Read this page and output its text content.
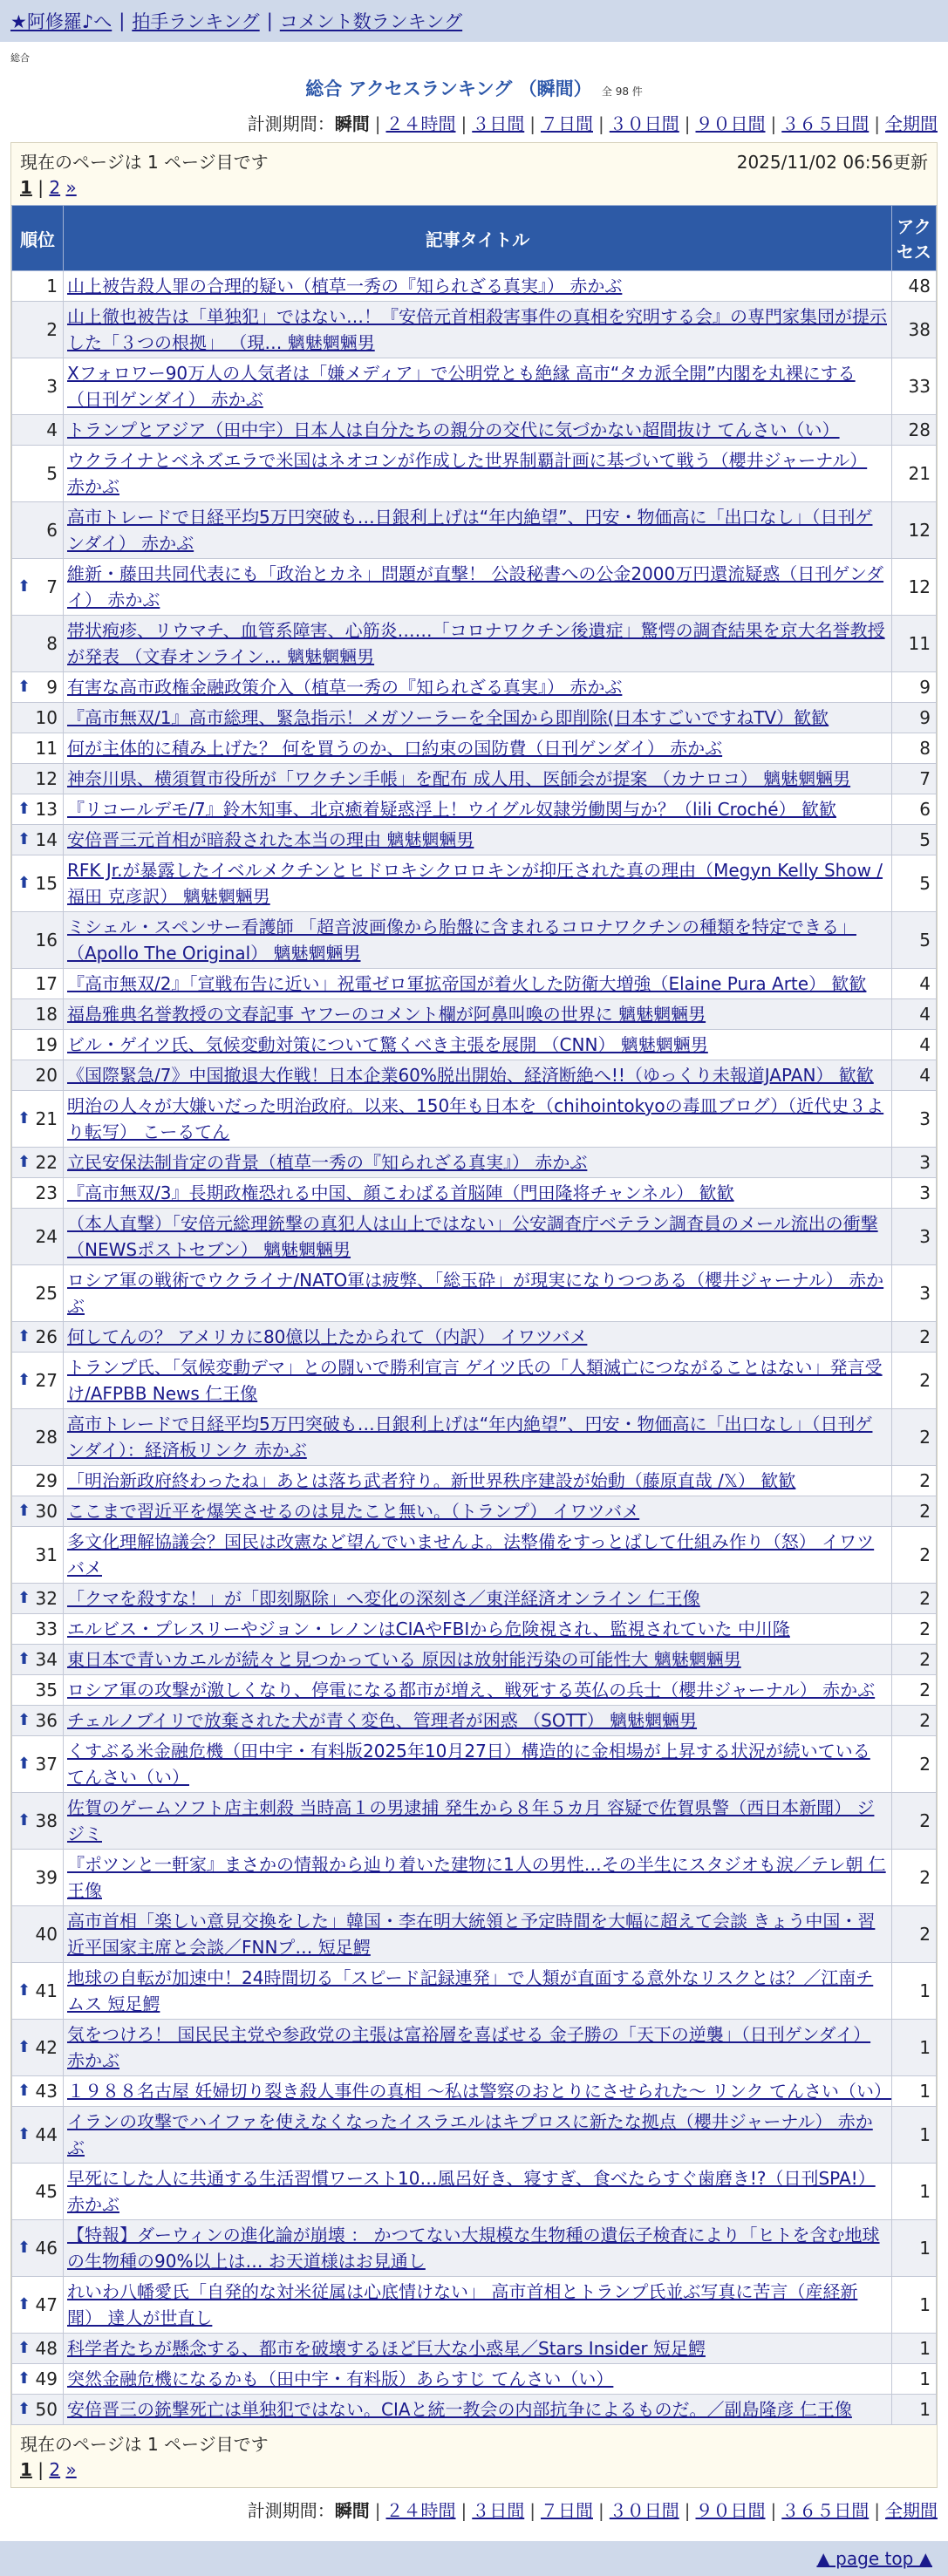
★阿修羅♪へ | 拍手ランキング | コメント数ランキング
総合
総合 アクセスランキング （瞬間） 全 98 件
計測期間：瞬間 | ２４時間 | ３日間 | ７日間 | ３０日間 | ９０日間 | ３６５日間 | 全期間
現在のページは 1 ページ目です	2025/11/02 06:56更新
1 | 2 »
順位	記事タイトル	アクセス
1	山上被告殺人罪の合理的疑い（植草一秀の『知られざる真実』） 赤かぶ	48
2	山上徹也被告は「単独犯」ではない…！『安倍元首相殺害事件の真相を究明する会』の専門家集団が提示した「３つの根拠」 （現… 魑魅魍魎男	38
3	Xフォロワー90万人の人気者は「嫌メディア」で公明党とも絶縁 高市“タカ派全開”内閣を丸裸にする（日刊ゲンダイ） 赤かぶ	33
4	トランプとアジア（田中宇）日本人は自分たちの親分の交代に気づかない超間抜け てんさい（い）	28
5	ウクライナとベネズエラで米国はネオコンが作成した世界制覇計画に基づいて戦う（櫻井ジャーナル） 赤かぶ	21
6	高市トレードで日経平均5万円突破も…日銀利上げは“年内絶望”、円安・物価高に「出口なし」（日刊ゲンダイ） 赤かぶ	12

⬆ 7	維新・藤田共同代表にも「政治とカネ」問題が直撃！ 公設秘書への公金2000万円還流疑惑（日刊ゲンダイ） 赤かぶ	12
8	帯状疱疹、リウマチ、血管系障害、心筋炎……「コロナワクチン後遺症」驚愕の調査結果を京大名誉教授が発表 （文春オンライン… 魑魅魍魎男	11

⬆ 9	有害な高市政権金融政策介入（植草一秀の『知られざる真実』） 赤かぶ	9
10	『高市無双/1』高市総理、緊急指示！メガソーラーを全国から即削除(日本すごいですねTV）歓歓	9
11	何が主体的に積み上げた？ 何を買うのか、口約束の国防費（日刊ゲンダイ） 赤かぶ	8
12	神奈川県、横須賀市役所が「ワクチン手帳」を配布 成人用、医師会が提案 （カナロコ） 魑魅魍魎男	7

⬆ 13	『リコールデモ/7』鈴木知事、北京癒着疑惑浮上！ウイグル奴隷労働関与か？（lili Croché） 歓歓	6

⬆ 14	安倍晋三元首相が暗殺された本当の理由 魑魅魍魎男	5

⬆ 15	RFK Jr.が暴露したイベルメクチンとヒドロキシクロロキンが抑圧された真の理由（Megyn Kelly Show / 福田 克彦訳） 魑魅魍魎男	5
16	ミシェル・スペンサー看護師 「超音波画像から胎盤に含まれるコロナワクチンの種類を特定できる」（Apollo The Original） 魑魅魍魎男	5
17	『高市無双/2』「宣戦布告に近い」祝電ゼロ軍拡帝国が着火した防衛大増強（Elaine Pura Arte） 歓歓	4
18	福島雅典名誉教授の文春記事 ヤフーのコメント欄が阿鼻叫喚の世界に 魑魅魍魎男	4
19	ビル・ゲイツ氏、気候変動対策について驚くべき主張を展開 （CNN） 魑魅魍魎男	4
20	《国際緊急/7》中国撤退大作戦！日本企業60%脱出開始、経済断絶へ!!（ゆっくり未報道JAPAN） 歓歓	4

⬆ 21	明治の人々が大嫌いだった明治政府。以来、150年も日本を（chihointokyoの毒皿ブログ）（近代史３より転写） こーるてん	3

⬆ 22	立民安保法制肯定の背景（植草一秀の『知られざる真実』） 赤かぶ	3
23	『高市無双/3』長期政権恐れる中国、顔こわばる首脳陣（門田隆将チャンネル） 歓歓	3
24	（本人直撃）「安倍元総理銃撃の真犯人は山上ではない」公安調査庁ベテラン調査員のメール流出の衝撃（NEWSポストセブン） 魑魅魍魎男	3
25	ロシア軍の戦術でウクライナ/NATO軍は疲弊、「総玉砕」が現実になりつつある（櫻井ジャーナル） 赤かぶ	3

⬆ 26	何してんの？ アメリカに80億以上たかられて（内訳） イワツバメ	2

⬆ 27	トランプ氏、「気候変動デマ」との闘いで勝利宣言 ゲイツ氏の「人類滅亡につながることはない」発言受け/AFPBB News 仁王像	2
28	高市トレードで日経平均5万円突破も…日銀利上げは“年内絶望”、円安・物価高に「出口なし」（日刊ゲンダイ）：経済板リンク 赤かぶ	2
29	「明治新政府終わったね」あとは落ち武者狩り。新世界秩序建設が始動（藤原直哉 /𝕏） 歓歓	2

⬆ 30	ここまで習近平を爆笑させるのは見たこと無い。（トランプ） イワツバメ	2
31	多文化理解協議会？国民は改憲など望んでいませんよ。法整備をすっとばして仕組み作り（怒） イワツバメ	2

⬆ 32	「クマを殺すな！」が「即刻駆除」へ変化の深刻さ／東洋経済オンライン 仁王像	2
33	エルビス・プレスリーやジョン・レノンはCIAやFBIから危険視され、監視されていた 中川隆	2

⬆ 34	東日本で青いカエルが続々と見つかっている 原因は放射能汚染の可能性大 魑魅魍魎男	2
35	ロシア軍の攻撃が激しくなり、停電になる都市が増え、戦死する英仏の兵士（櫻井ジャーナル） 赤かぶ	2

⬆ 36	チェルノブイリで放棄された犬が青く変色、管理者が困惑 （SOTT） 魑魅魍魎男	2

⬆ 37	くすぶる米金融危機（田中宇・有料版2025年10月27日）構造的に金相場が上昇する状況が続いている てんさい（い）	2

⬆ 38	佐賀のゲームソフト店主刺殺 当時高１の男逮捕 発生から８年５カ月 容疑で佐賀県警（西日本新聞） ジジミ	2
39	『ポツンと一軒家』まさかの情報から辿り着いた建物に1人の男性…その半生にスタジオも涙／テレ朝 仁王像	2
40	高市首相「楽しい意見交換をした」韓国・李在明大統領と予定時間を大幅に超えて会談 きょう中国・習近平国家主席と会談／FNNプ… 短足鰐	2

⬆ 41	地球の自転が加速中！24時間切る「スピード記録連発」で人類が直面する意外なリスクとは？／江南チムス 短足鰐	1

⬆ 42	気をつけろ！ 国民民主党や参政党の主張は富裕層を喜ばせる 金子勝の「天下の逆襲」（日刊ゲンダイ） 赤かぶ	1

⬆ 43	１９８８名古屋 妊婦切り裂き殺人事件の真相 ～私は警察のおとりにさせられた～ リンク てんさい（い）	1

⬆ 44	イランの攻撃でハイファを使えなくなったイスラエルはキプロスに新たな拠点（櫻井ジャーナル） 赤かぶ	1
45	早死にした人に共通する生活習慣ワースト10…風呂好き、寝すぎ、食べたらすぐ歯磨き!?（日刊SPA!） 赤かぶ	1

⬆ 46	【特報】ダーウィンの進化論が崩壊 ： かつてない大規模な生物種の遺伝子検査により「ヒトを含む地球の生物種の90%以上は… お天道様はお見通し	1

⬆ 47	れいわ八幡愛氏「自発的な対米従属は心底情けない」 高市首相とトランプ氏並ぶ写真に苦言（産経新聞） 達人が世直し	1

⬆ 48	科学者たちが懸念する、都市を破壊するほど巨大な小惑星／Stars Insider 短足鰐	1

⬆ 49	突然金融危機になるかも（田中宇・有料版）あらすじ てんさい（い）	1

⬆ 50	安倍晋三の銃撃死亡は単独犯ではない。CIAと統一教会の内部抗争によるものだ。／副島隆彦 仁王像	1
現在のページは 1 ページ目です
1 | 2 »
計測期間：瞬間 | ２４時間 | ３日間 | ７日間 | ３０日間 | ９０日間 | ３６５日間 | 全期間
▲ page top ▲
